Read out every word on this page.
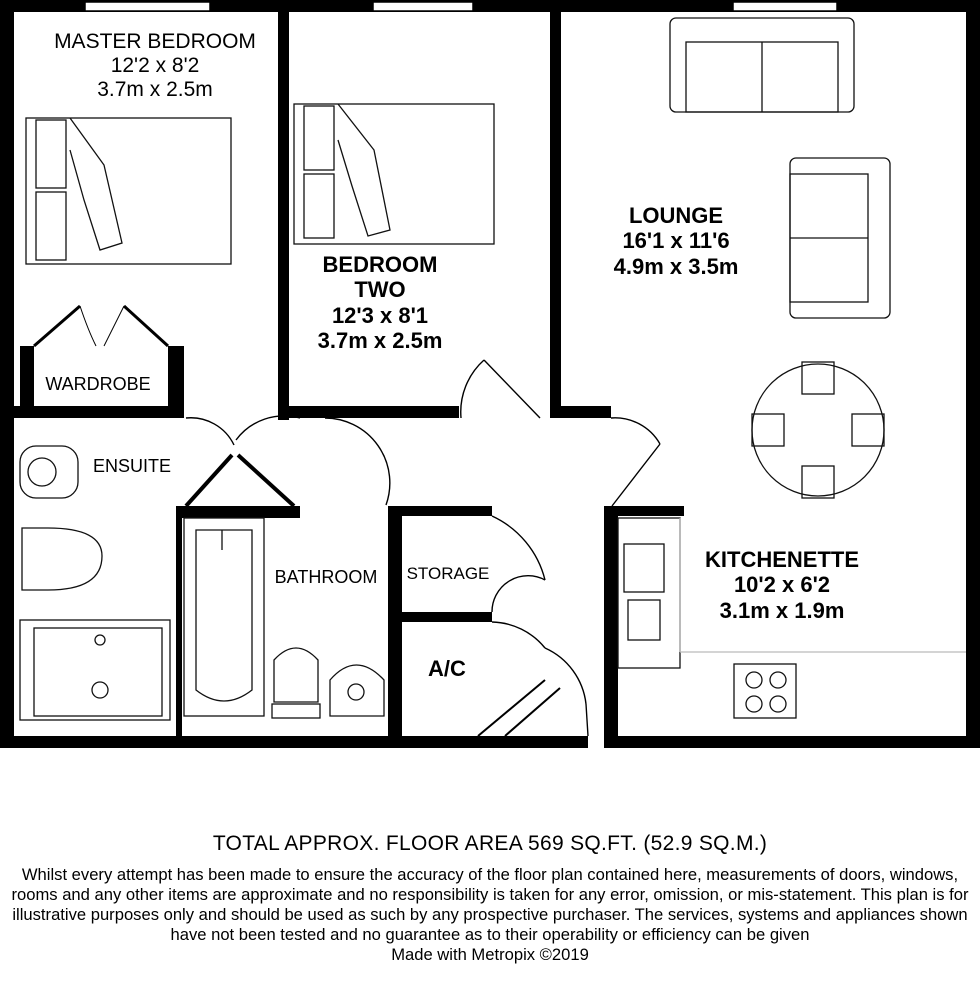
MASTER BEDROOM
12'2 x 8'2
3.7m x 2.5m
BEDROOM
TWO
12'3 x 8'1
3.7m x 2.5m
LOUNGE
16'1 x 11'6
4.9m x 3.5m
KITCHENETTE
10'2 x 6'2
3.1m x 1.9m
WARDROBE
ENSUITE
BATHROOM	STORAGE
A/C
TOTAL APPROX. FLOOR AREA 569 SQ.FT. (52.9 SQ.M.)
Whilst every attempt has been made to ensure the accuracy of the floor plan contained here, measurements of doors, windows, rooms and any other items are approximate and no responsibility is taken for any error, omission, or mis-statement. This plan is for illustrative purposes only and should be used as such by any prospective purchaser. The services, systems and appliances shown have not been tested and no guarantee as to their operability or efficiency can be given
Made with Metropix ©2019
